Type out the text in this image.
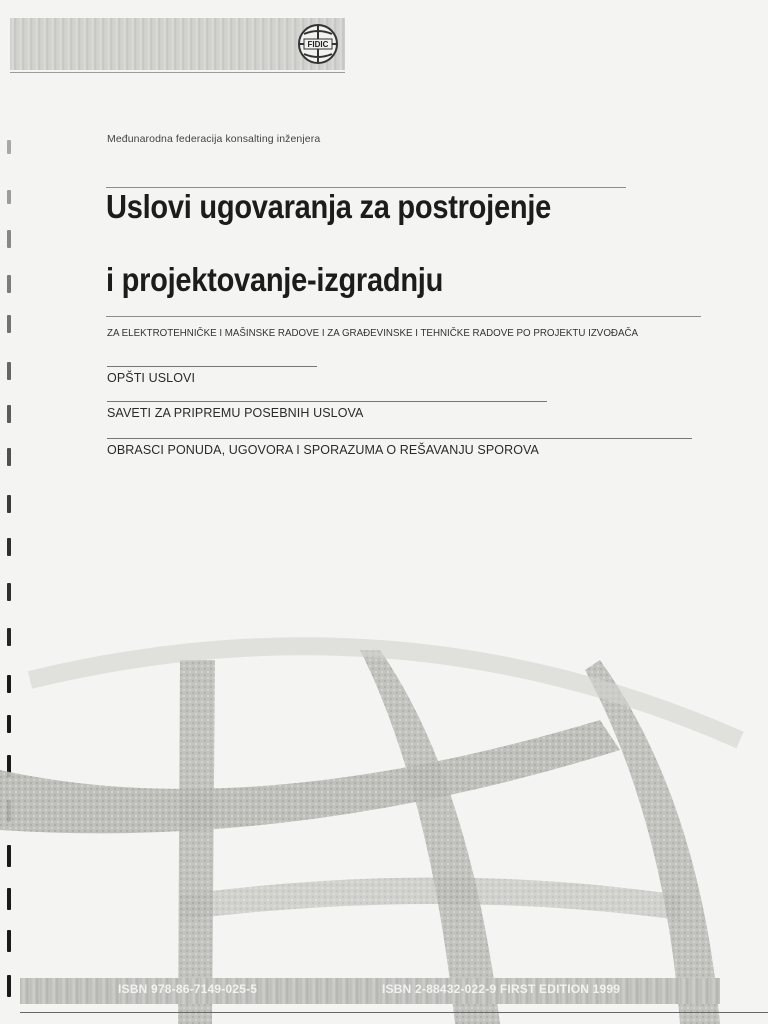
FIDIC
Međunarodna federacija konsalting inženjera
Uslovi ugovaranja za postrojenje
i projektovanje-izgradnju
ZA ELEKTROTEHNIČKE I MAŠINSKE RADOVE I ZA GRAĐEVINSKE I TEHNIČKE RADOVE PO PROJEKTU IZVOĐAČA
OPŠTI USLOVI
SAVETI ZA PRIPREMU POSEBNIH USLOVA
OBRASCI PONUDA, UGOVORA I SPORAZUMA O REŠAVANJU SPOROVA
ISBN 978-86-7149-025-5	ISBN 2-88432-022-9 FIRST EDITION 1999
